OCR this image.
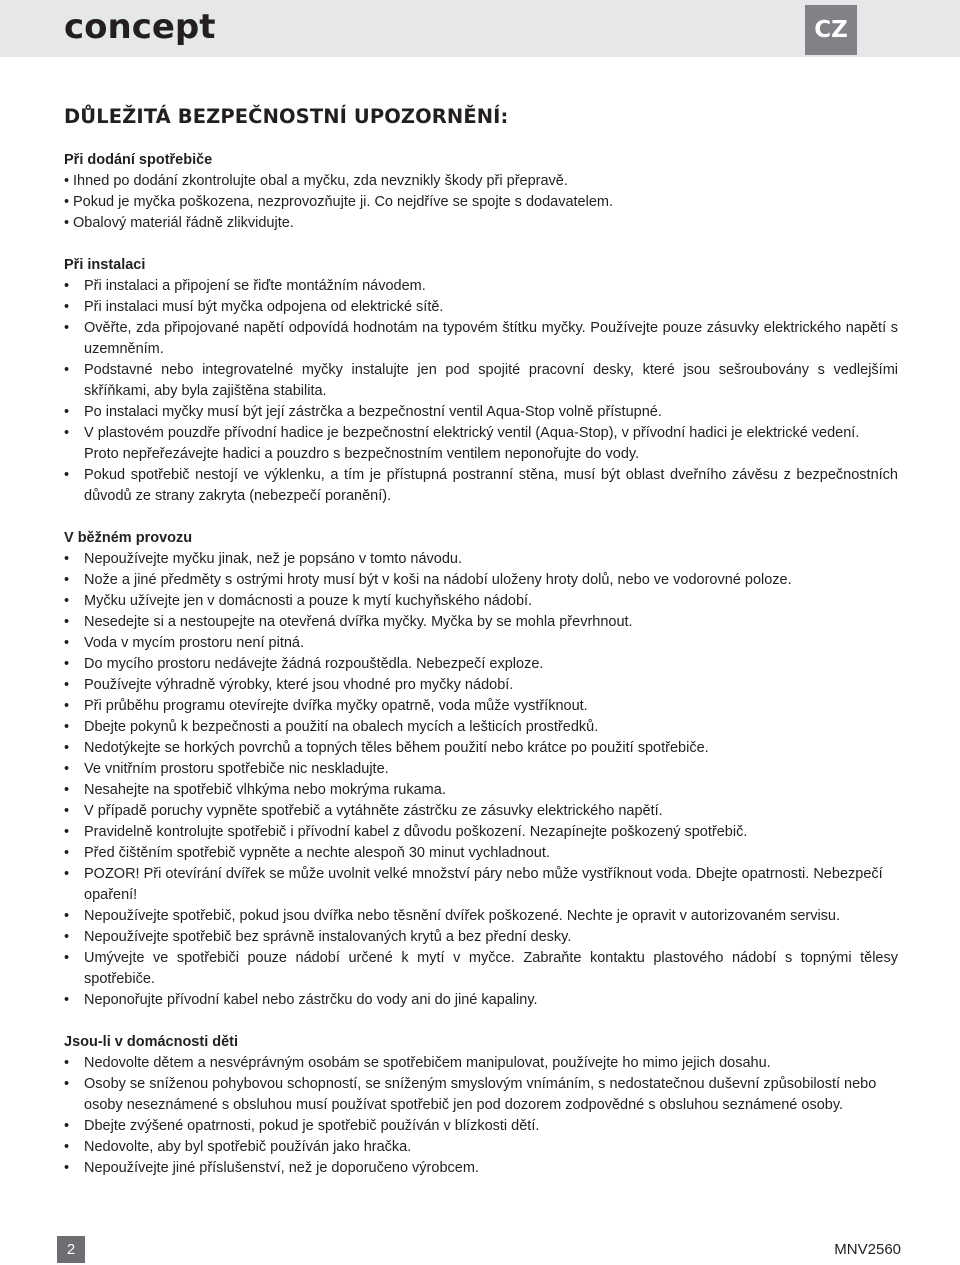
concept	CZ
DŮLEŽITÁ BEZPEČNOSTNÍ UPOZORNĚNÍ:
Při dodání spotřebiče
• Ihned po dodání zkontrolujte obal a myčku, zda nevznikly škody při přepravě.
• Pokud je myčka poškozena, nezprovozňujte ji. Co nejdříve se spojte s dodavatelem.
• Obalový materiál řádně zlikvidujte.
Při instalaci
• Při instalaci a připojení se řiďte montážním návodem.
• Při instalaci musí být myčka odpojena od elektrické sítě.
• Ověřte, zda připojované napětí odpovídá hodnotám na typovém štítku myčky. Používejte pouze zásuvky elektrického napětí s uzemněním.
• Podstavné nebo integrovatelné myčky instalujte jen pod spojité pracovní desky, které jsou sešroubovány s vedlejšími skříňkami, aby byla zajištěna stabilita.
• Po instalaci myčky musí být její zástrčka a bezpečnostní ventil Aqua-Stop volně přístupné.
• V plastovém pouzdře přívodní hadice je bezpečnostní elektrický ventil (Aqua-Stop), v přívodní hadici je elektrické vedení. Proto nepřeřezávejte hadici a pouzdro s bezpečnostním ventilem neponořujte do vody.
• Pokud spotřebič nestojí ve výklenku, a tím je přístupná postranní stěna, musí být oblast dveřního závěsu z bezpečnostních důvodů ze strany zakryta (nebezpečí poranění).
V běžném provozu
• Nepoužívejte myčku jinak, než je popsáno v tomto návodu.
• Nože a jiné předměty s ostrými hroty musí být v koši na nádobí uloženy hroty dolů, nebo ve vodorovné poloze.
• Myčku užívejte jen v domácnosti a pouze k mytí kuchyňského nádobí.
• Nesedejte si a nestoupejte na otevřená dvířka myčky. Myčka by se mohla převrhnout.
• Voda v mycím prostoru není pitná.
• Do mycího prostoru nedávejte žádná rozpouštědla. Nebezpečí exploze.
• Používejte výhradně výrobky, které jsou vhodné pro myčky nádobí.
• Při průběhu programu otevírejte dvířka myčky opatrně, voda může vystříknout.
• Dbejte pokynů k bezpečnosti a použití na obalech mycích a lešticích prostředků.
• Nedotýkejte se horkých povrchů a topných těles během použití nebo krátce po použití spotřebiče.
• Ve vnitřním prostoru spotřebiče nic neskladujte.
• Nesahejte na spotřebič vlhkýma nebo mokrýma rukama.
• V případě poruchy vypněte spotřebič a vytáhněte zástrčku ze zásuvky elektrického napětí.
• Pravidelně kontrolujte spotřebič i přívodní kabel z důvodu poškození. Nezapínejte poškozený spotřebič.
• Před čištěním spotřebič vypněte a nechte alespoň 30 minut vychladnout.
• POZOR! Při otevírání dvířek se může uvolnit velké množství páry nebo může vystříknout voda. Dbejte opatrnosti. Nebezpečí opaření!
• Nepoužívejte spotřebič, pokud jsou dvířka nebo těsnění dvířek poškozené. Nechte je opravit v autorizovaném servisu.
• Nepoužívejte spotřebič bez správně instalovaných krytů a bez přední desky.
• Umývejte ve spotřebiči pouze nádobí určené k mytí v myčce. Zabraňte kontaktu plastového nádobí s topnými tělesy spotřebiče.
• Neponořujte přívodní kabel nebo zástrčku do vody ani do jiné kapaliny.
Jsou-li v domácnosti děti
• Nedovolte dětem a nesvéprávným osobám se spotřebičem manipulovat, používejte ho mimo jejich dosahu.
• Osoby se sníženou pohybovou schopností, se sníženým smyslovým vnímáním, s nedostatečnou duševní způsobilostí nebo osoby neseznámené s obsluhou musí používat spotřebič jen pod dozorem zodpovědné s obsluhou seznámené osoby.
• Dbejte zvýšené opatrnosti, pokud je spotřebič používán v blízkosti dětí.
• Nedovolte, aby byl spotřebič používán jako hračka.
• Nepoužívejte jiné příslušenství, než je doporučeno výrobcem.
2	MNV2560
